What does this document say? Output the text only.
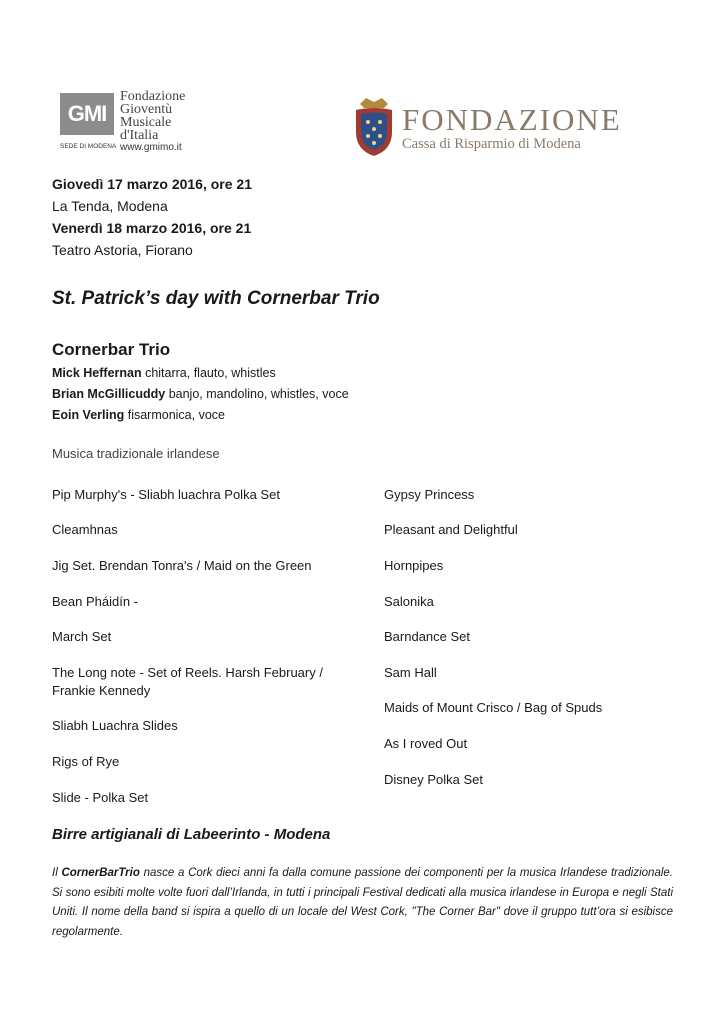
GMI
Fondazione
Gioventù
Musicale
d'Italia
SEDE DI MODENA www.gmimo.it
FONDAZIONE
Cassa di Risparmio di Modena
Giovedì 17 marzo 2016, ore 21
La Tenda, Modena
Venerdì 18 marzo 2016, ore 21
Teatro Astoria, Fiorano
St. Patrick’s day with Cornerbar Trio
Cornerbar Trio
Mick Heffernan chitarra, flauto, whistles
Brian McGillicuddy banjo, mandolino, whistles, voce
Eoin Verling fisarmonica, voce
Musica tradizionale irlandese
Pip Murphy's - Sliabh luachra Polka Set
Cleamhnas
Jig Set. Brendan Tonra's / Maid on the Green
Bean Pháidín -
March Set
The Long note - Set of Reels. Harsh February / Frankie Kennedy
Sliabh Luachra Slides
Rigs of Rye
Slide - Polka Set
Gypsy Princess
Pleasant and Delightful
Hornpipes
Salonika
Barndance Set
Sam Hall
Maids of Mount Crisco / Bag of Spuds
As I roved Out
Disney Polka Set
Birre artigianali di Labeerinto - Modena
Il CornerBarTrio nasce a Cork dieci anni fa dalla comune passione dei componenti per la musica Irlandese tradizionale. Si sono esibiti molte volte fuori dall’Irlanda, in tutti i principali Festival dedicati alla musica irlandese in Europa e negli Stati Uniti. Il nome della band si ispira a quello di un locale del West Cork, "The Corner Bar" dove il gruppo tutt’ora si esibisce regolarmente.
